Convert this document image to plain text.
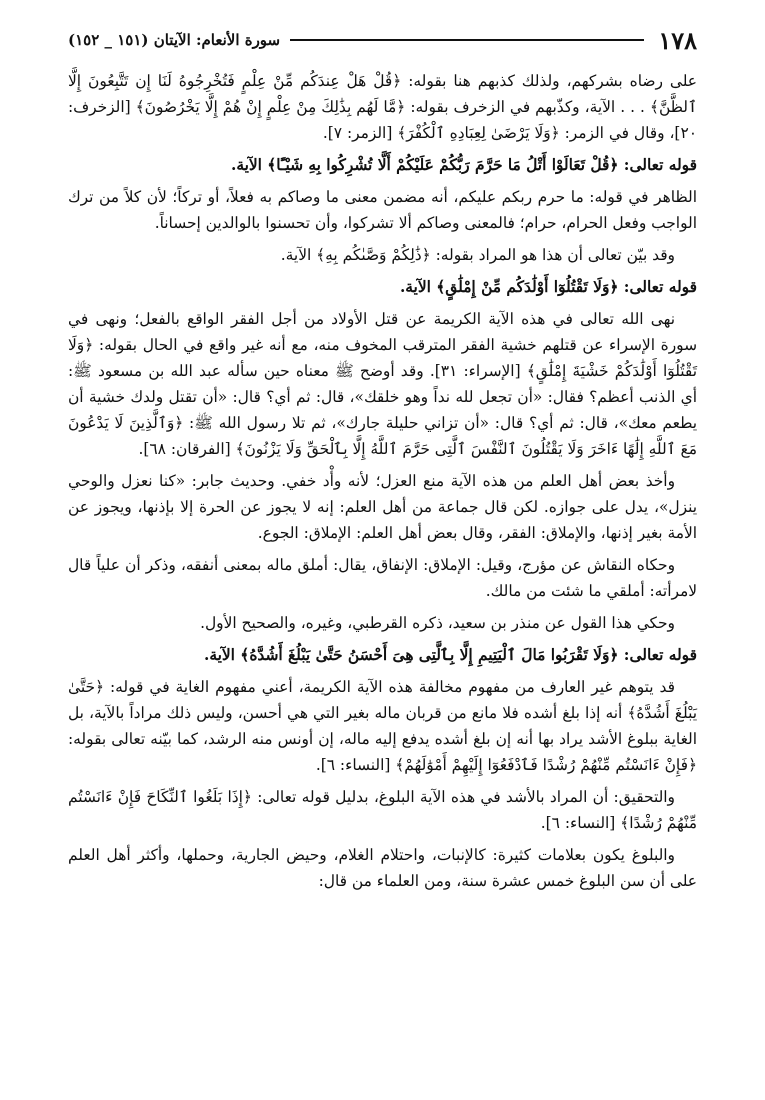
١٧٨
سورة الأنعام: الآيتان (١٥١ _ ١٥٢)

على رضاه بشركهم، ولذلك كذبهم هنا بقوله: ﴿قُلْ هَلْ عِندَكُم مِّنْ عِلْمٍ فَتُخْرِجُوهُ لَنَا إِن تَتَّبِعُونَ إِلَّا ٱلظَّنَّ﴾ . . . الآية، وكذّبهم في الزخرف بقوله: ﴿مَّا لَهُم بِذَٰلِكَ مِنْ عِلْمٍ إِنْ هُمْ إِلَّا يَخْرُصُونَ﴾ [الزخرف: ٢٠]، وقال في الزمر: ﴿وَلَا يَرْضَىٰ لِعِبَادِهِ ٱلْكُفْرَ﴾ [الزمر: ٧].

قوله تعالى: ﴿قُلْ تَعَالَوْا أَتْلُ مَا حَرَّمَ رَبُّكُمْ عَلَيْكُمْ أَلَّا تُشْرِكُوا بِهِ شَيْـًٔا﴾ الآية.

الظاهر في قوله: ما حرم ربكم عليكم، أنه مضمن معنى ما وصاكم به فعلاً، أو تركاً؛ لأن كلاً من ترك الواجب وفعل الحرام، حرام؛ فالمعنى وصاكم ألا تشركوا، وأن تحسنوا بالوالدين إحساناً.

وقد بيّن تعالى أن هذا هو المراد بقوله: ﴿ذَٰلِكُمْ وَصَّىٰكُم بِهِ﴾ الآية.

قوله تعالى: ﴿وَلَا تَقْتُلُوٓا أَوْلَٰدَكُم مِّنْ إِمْلَٰقٍ﴾ الآية.

نهى الله تعالى في هذه الآية الكريمة عن قتل الأولاد من أجل الفقر الواقع بالفعل؛ ونهى في سورة الإسراء عن قتلهم خشية الفقر المترقب المخوف منه، مع أنه غير واقع في الحال بقوله: ﴿وَلَا تَقْتُلُوٓا أَوْلَٰدَكُمْ خَشْيَةَ إِمْلَٰقٍ﴾ [الإسراء: ٣١]. وقد أوضح ﷺ معناه حين سأله عبد الله بن مسعود ﷺ: أي الذنب أعظم؟ فقال: «أن تجعل لله نداً وهو خلقك»، قال: ثم أي؟ قال: «أن تقتل ولدك خشية أن يطعم معك»، قال: ثم أي؟ قال: «أن تزاني حليلة جارك»، ثم تلا رسول الله ﷺ: ﴿وَٱلَّذِينَ لَا يَدْعُونَ مَعَ ٱللَّهِ إِلَٰهًا ءَاخَرَ وَلَا يَقْتُلُونَ ٱلنَّفْسَ ٱلَّتِى حَرَّمَ ٱللَّهُ إِلَّا بِٱلْحَقِّ وَلَا يَزْنُونَ﴾ [الفرقان: ٦٨].

وأخذ بعض أهل العلم من هذه الآية منع العزل؛ لأنه وأْد خفي. وحديث جابر: «كنا نعزل والوحي ينزل»، يدل على جوازه. لكن قال جماعة من أهل العلم: إنه لا يجوز عن الحرة إلا بإذنها، ويجوز عن الأمة بغير إذنها، والإملاق: الفقر، وقال بعض أهل العلم: الإملاق: الجوع.

وحكاه النقاش عن مؤرج، وقيل: الإملاق: الإنفاق، يقال: أملق ماله بمعنى أنفقه، وذكر أن علياً قال لامرأته: أملقي ما شئت من مالك.

وحكي هذا القول عن منذر بن سعيد، ذكره القرطبي، وغيره، والصحيح الأول.

قوله تعالى: ﴿وَلَا تَقْرَبُوا مَالَ ٱلْيَتِيمِ إِلَّا بِٱلَّتِى هِىَ أَحْسَنُ حَتَّىٰ يَبْلُغَ أَشُدَّهُ﴾ الآية.

قد يتوهم غير العارف من مفهوم مخالفة هذه الآية الكريمة، أعني مفهوم الغاية في قوله: ﴿حَتَّىٰ يَبْلُغَ أَشُدَّهُ﴾ أنه إذا بلغ أشده فلا مانع من قربان ماله بغير التي هي أحسن، وليس ذلك مراداً بالآية، بل الغاية ببلوغ الأشد يراد بها أنه إن بلغ أشده يدفع إليه ماله، إن أونس منه الرشد، كما بيّنه تعالى بقوله: ﴿فَإِنْ ءَانَسْتُم مِّنْهُمْ رُشْدًا فَٱدْفَعُوٓا إِلَيْهِمْ أَمْوَٰلَهُمْ﴾ [النساء: ٦].

والتحقيق: أن المراد بالأشد في هذه الآية البلوغ، بدليل قوله تعالى: ﴿إِذَا بَلَغُوا ٱلنِّكَاحَ فَإِنْ ءَانَسْتُم مِّنْهُمْ رُشْدًا﴾ [النساء: ٦].

والبلوغ يكون بعلامات كثيرة: كالإنبات، واحتلام الغلام، وحيض الجارية، وحملها، وأكثر أهل العلم على أن سن البلوغ خمس عشرة سنة، ومن العلماء من قال:
